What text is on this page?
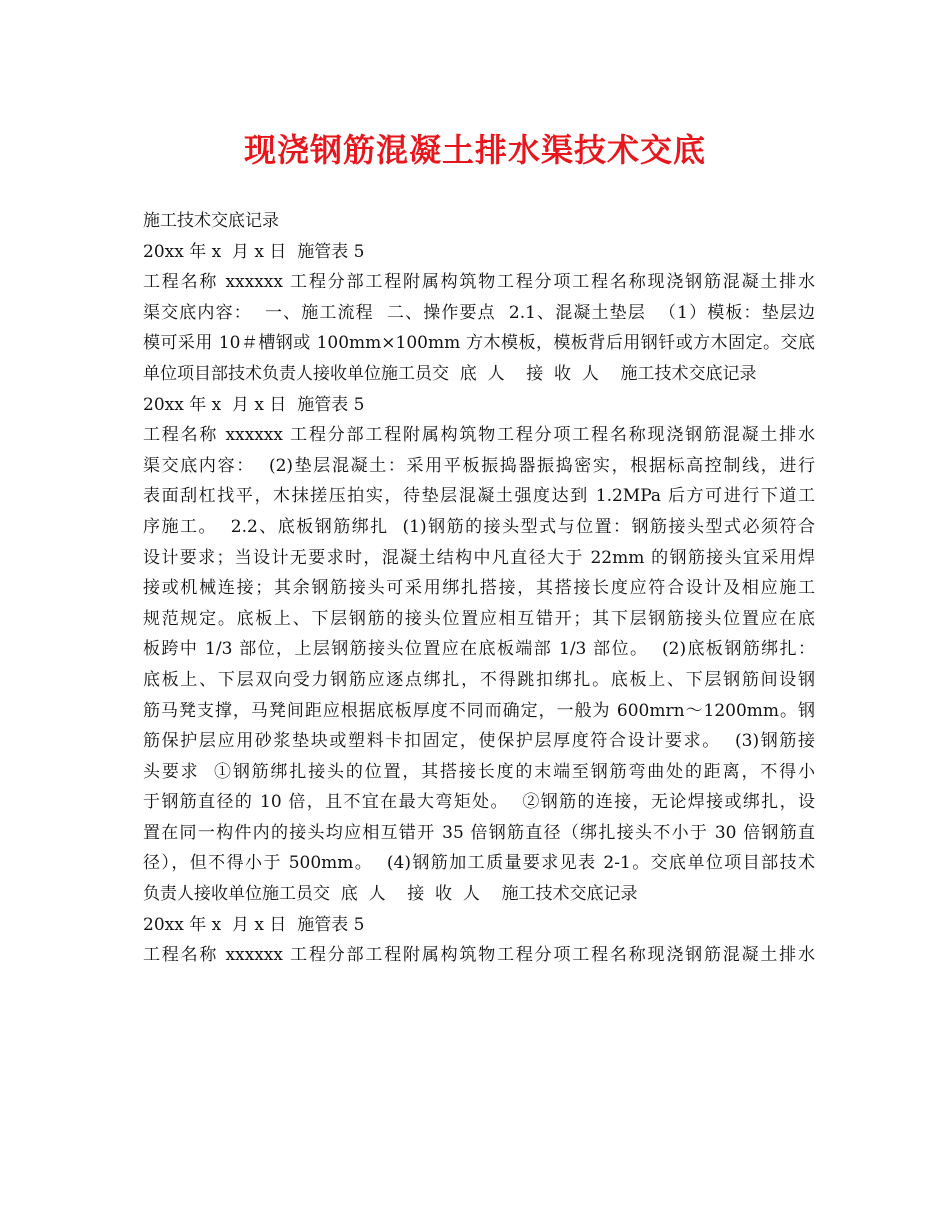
现浇钢筋混凝土排水渠技术交底
施工技术交底记录
20xx 年 x  月 x 日  施管表 5
工程名称 xxxxxx 工程分部工程附属构筑物工程分项工程名称现浇钢筋混凝土排水
渠交底内容：  一、施工流程  二、操作要点  2.1、混凝土垫层  （1）模板：垫层边
模可采用 10＃槽钢或 100mm×100mm 方木模板，模板背后用钢钎或方木固定。交底
单位项目部技术负责人接收单位施工员交  底  人    接  收  人    施工技术交底记录
20xx 年 x  月 x 日  施管表 5
工程名称 xxxxxx 工程分部工程附属构筑物工程分项工程名称现浇钢筋混凝土排水
渠交底内容：  (2)垫层混凝土：采用平板振捣器振捣密实，根据标高控制线，进行
表面刮杠找平，木抹搓压拍实，待垫层混凝土强度达到 1.2MPa 后方可进行下道工
序施工。  2.2、底板钢筋绑扎  (1)钢筋的接头型式与位置：钢筋接头型式必须符合
设计要求；当设计无要求时，混凝土结构中凡直径大于 22mm 的钢筋接头宜采用焊
接或机械连接；其余钢筋接头可采用绑扎搭接，其搭接长度应符合设计及相应施工
规范规定。底板上、下层钢筋的接头位置应相互错开；其下层钢筋接头位置应在底
板跨中 1/3 部位，上层钢筋接头位置应在底板端部 1/3 部位。  (2)底板钢筋绑扎：
底板上、下层双向受力钢筋应逐点绑扎，不得跳扣绑扎。底板上、下层钢筋间设钢
筋马凳支撑，马凳间距应根据底板厚度不同而确定，一般为 600mrn～1200mm。钢
筋保护层应用砂浆垫块或塑料卡扣固定，使保护层厚度符合设计要求。  (3)钢筋接
头要求  ①钢筋绑扎接头的位置，其搭接长度的末端至钢筋弯曲处的距离，不得小
于钢筋直径的 10 倍，且不宜在最大弯矩处。  ②钢筋的连接，无论焊接或绑扎，设
置在同一构件内的接头均应相互错开 35 倍钢筋直径（绑扎接头不小于 30 倍钢筋直
径），但不得小于 500mm。  (4)钢筋加工质量要求见表 2-1。交底单位项目部技术
负责人接收单位施工员交  底  人    接  收  人    施工技术交底记录
20xx 年 x  月 x 日  施管表 5
工程名称 xxxxxx 工程分部工程附属构筑物工程分项工程名称现浇钢筋混凝土排水
